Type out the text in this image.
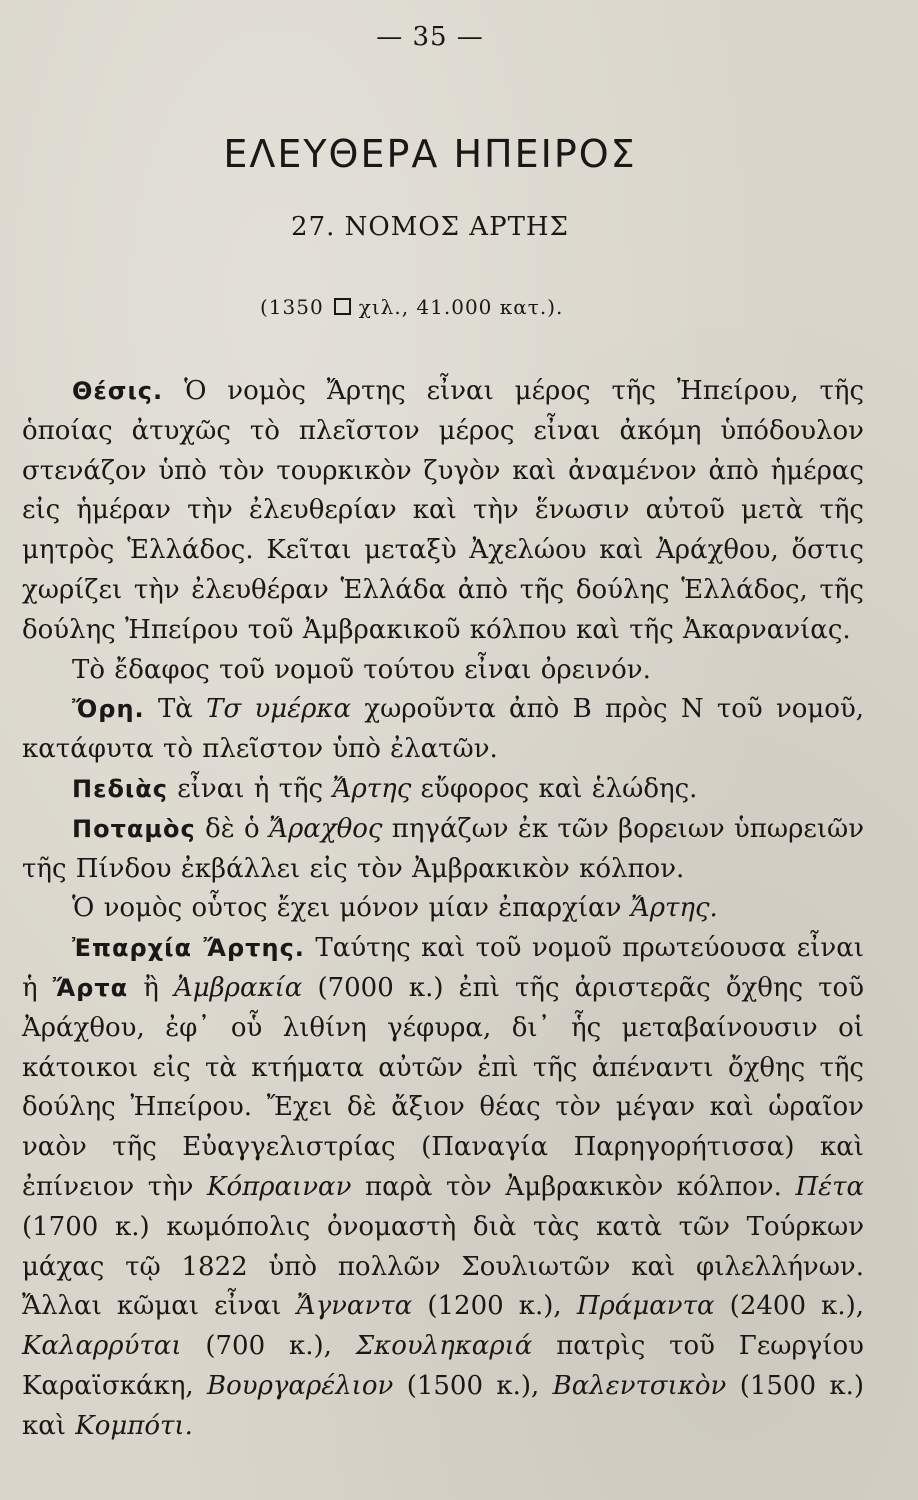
— 35 —
ΕΛΕΥΘΕΡΑ ΗΠΕΙΡΟΣ
27. ΝΟΜΟΣ ΑΡΤΗΣ
(1350 χιλ., 41.000 κατ.).

Θέσις. Ὁ νομὸς Ἄρτης εἶναι μέρος τῆς Ἠπείρου, τῆς ὁποίας ἀτυχῶς τὸ πλεῖστον μέρος εἶναι ἀκόμη ὑπόδουλον στενάζον ὑπὸ τὸν τουρκικὸν ζυγὸν καὶ ἀναμένον ἀπὸ ἡμέρας εἰς ἡμέραν τὴν ἐλευθερίαν καὶ τὴν ἕνωσιν αὐτοῦ μετὰ τῆς μητρὸς Ἑλλάδος. Κεῖται μεταξὺ Ἀχελώου καὶ Ἀράχθου, ὅστις χωρίζει τὴν ἐλευθέραν Ἑλλάδα ἀπὸ τῆς δούλης Ἑλλάδος, τῆς δούλης Ἠπείρου τοῦ Ἀμβρακικοῦ κόλπου καὶ τῆς Ἀκαρνανίας.

Τὸ ἔδαφος τοῦ νομοῦ τούτου εἶναι ὀρεινόν.

Ὄρη. Τὰ Τσ υμέρκα χωροῦντα ἀπὸ Β πρὸς Ν τοῦ νομοῦ, κατάφυτα τὸ πλεῖστον ὑπὸ ἐλατῶν.

Πεδιὰς εἶναι ἡ τῆς Ἄρτης εὔφορος καὶ ἑλώδης.

Ποταμὸς δὲ ὁ Ἄραχθος πηγάζων ἐκ τῶν βορειων ὑπωρειῶν τῆς Πίνδου ἐκβάλλει εἰς τὸν Ἀμβρακικὸν κόλπον.

Ὁ νομὸς οὗτος ἔχει μόνον μίαν ἐπαρχίαν Ἄρτης.

Ἐπαρχία Ἄρτης. Ταύτης καὶ τοῦ νομοῦ πρωτεύουσα εἶναι ἡ Ἄρτα ἢ Ἀμβρακία (7000 κ.) ἐπὶ τῆς ἀριστερᾶς ὄχθης τοῦ Ἀράχθου, ἐφ᾽ οὗ λιθίνη γέφυρα, δι᾽ ἧς μεταβαίνουσιν οἱ κάτοικοι εἰς τὰ κτήματα αὐτῶν ἐπὶ τῆς ἀπέναντι ὄχθης τῆς δούλης Ἠπείρου. Ἔχει δὲ ἄξιον θέας τὸν μέγαν καὶ ὡραῖον ναὸν τῆς Εὐαγγελιστρίας (Παναγία Παρηγορήτισσα) καὶ ἐπίνειον τὴν Κόπραιναν παρὰ τὸν Ἀμβρακικὸν κόλπον. Πέτα (1700 κ.) κωμόπολις ὀνομαστὴ διὰ τὰς κατὰ τῶν Τούρκων μάχας τῷ 1822 ὑπὸ πολλῶν Σουλιωτῶν καὶ φιλελλήνων. Ἄλλαι κῶμαι εἶναι Ἄγναντα (1200 κ.), Πράμαντα (2400 κ.), Καλαρρύται (700 κ.), Σκουληκαριά πατρὶς τοῦ Γεωργίου Καραϊσκάκη, Βουργαρέλιον (1500 κ.), Βαλεντσικὸν (1500 κ.) καὶ Κομπότι.
